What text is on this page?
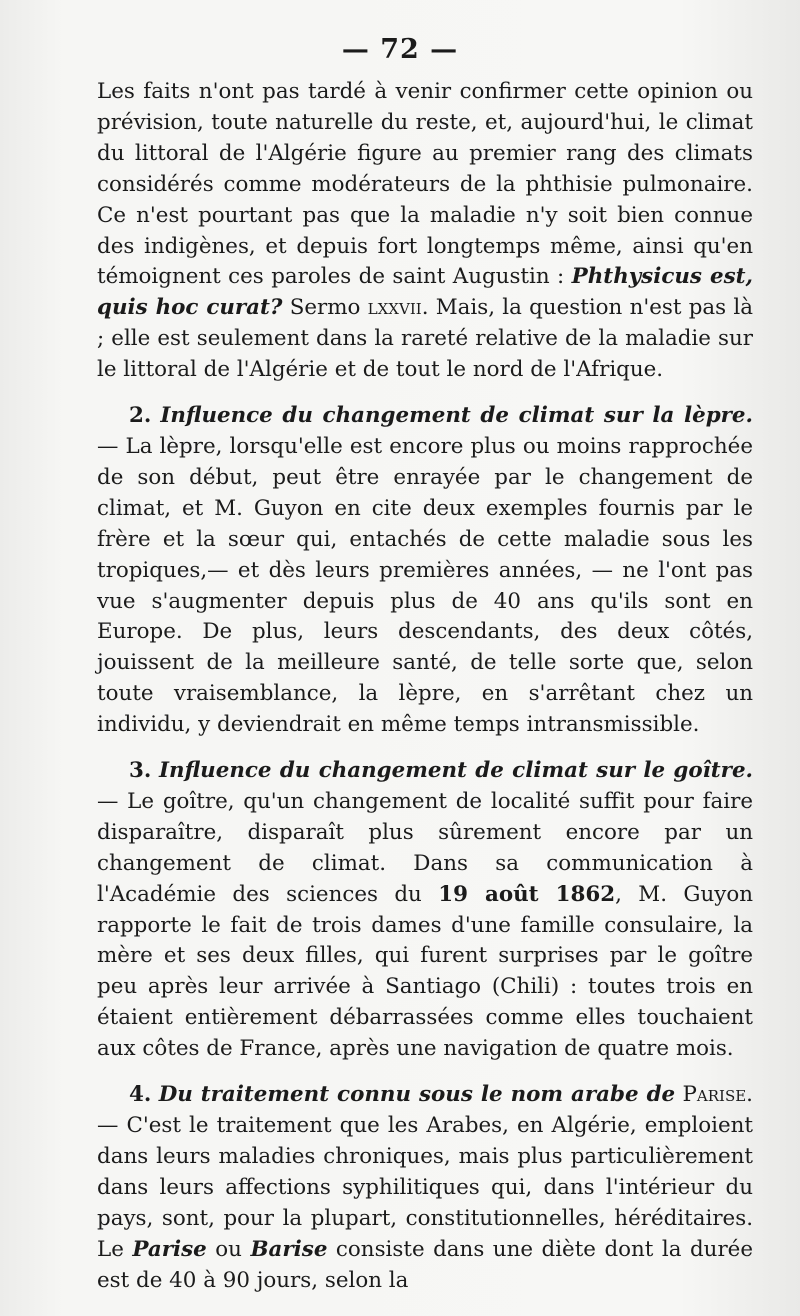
— 72 —

Les faits n'ont pas tardé à venir confirmer cette opinion ou prévision, toute naturelle du reste, et, aujourd'hui, le climat du littoral de l'Algérie figure au premier rang des climats considérés comme modérateurs de la phthisie pulmonaire. Ce n'est pourtant pas que la maladie n'y soit bien connue des indigènes, et depuis fort longtemps même, ainsi qu'en témoignent ces paroles de saint Augustin : Phthysicus est, quis hoc curat? Sermo lxxvii. Mais, la question n'est pas là ; elle est seulement dans la rareté relative de la maladie sur le littoral de l'Algérie et de tout le nord de l'Afrique.

2. Influence du changement de climat sur la lèpre. — La lèpre, lorsqu'elle est encore plus ou moins rapprochée de son début, peut être enrayée par le changement de climat, et M. Guyon en cite deux exemples fournis par le frère et la sœur qui, entachés de cette maladie sous les tropiques,— et dès leurs premières années, — ne l'ont pas vue s'augmenter depuis plus de 40 ans qu'ils sont en Europe. De plus, leurs descendants, des deux côtés, jouissent de la meilleure santé, de telle sorte que, selon toute vraisemblance, la lèpre, en s'arrêtant chez un individu, y deviendrait en même temps intransmissible.

3. Influence du changement de climat sur le goître. — Le goître, qu'un changement de localité suffit pour faire disparaître, disparaît plus sûrement encore par un changement de climat. Dans sa communication à l'Académie des sciences du 19 août 1862, M. Guyon rapporte le fait de trois dames d'une famille consulaire, la mère et ses deux filles, qui furent surprises par le goître peu après leur arrivée à Santiago (Chili) : toutes trois en étaient entièrement débarrassées comme elles touchaient aux côtes de France, après une navigation de quatre mois.

4. Du traitement connu sous le nom arabe de Parise. — C'est le traitement que les Arabes, en Algérie, emploient dans leurs maladies chroniques, mais plus particulièrement dans leurs affections syphilitiques qui, dans l'intérieur du pays, sont, pour la plupart, constitutionnelles, héréditaires. Le Parise ou Barise consiste dans une diète dont la durée est de 40 à 90 jours, selon la
